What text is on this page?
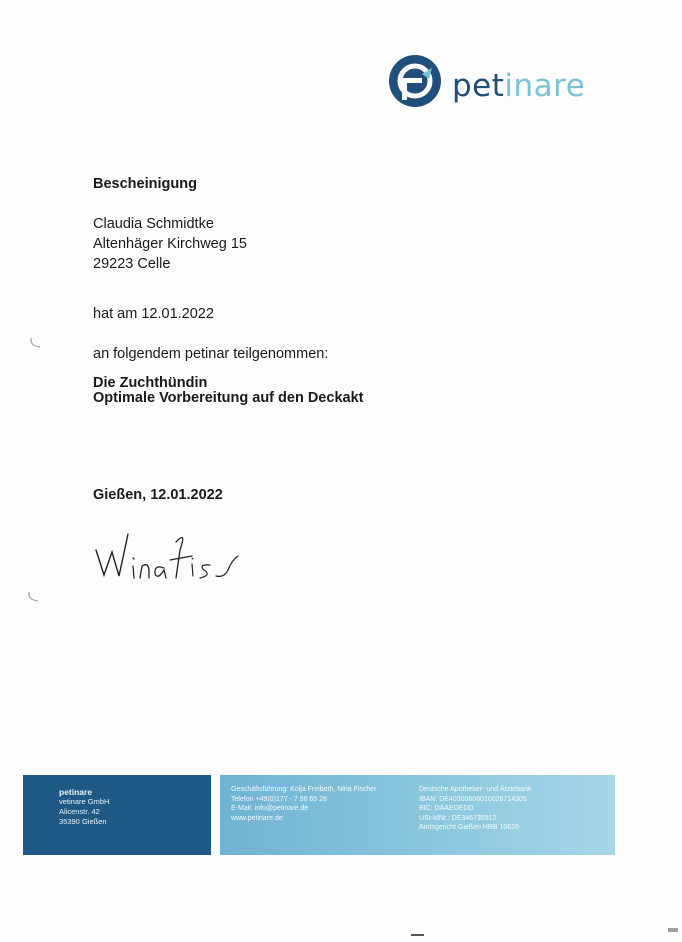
petinare
Bescheinigung
Claudia Schmidtke
Altenhäger Kirchweg 15
29223 Celle
hat am 12.01.2022
an folgendem petinar teilgenommen:
Die Zuchthündin
Optimale Vorbereitung auf den Deckakt
Gießen, 12.01.2022
petinare
vetinare GmbH
Alicenstr. 42
35390 Gießen
Geschäftsführung: Kolja Freiboth, Nina Fischer
Telefon +49(0)177 - 7 96 65 28
E-Mail: info@petinare.de
www.petinare.de
Deutsche Apotheker- und Ärztebank
IBAN: DE40300606010026714305
BIC: DAAEDEDD
USt-IdNr.: DE346735912
Amtsgericht Gießen HRB 10626
